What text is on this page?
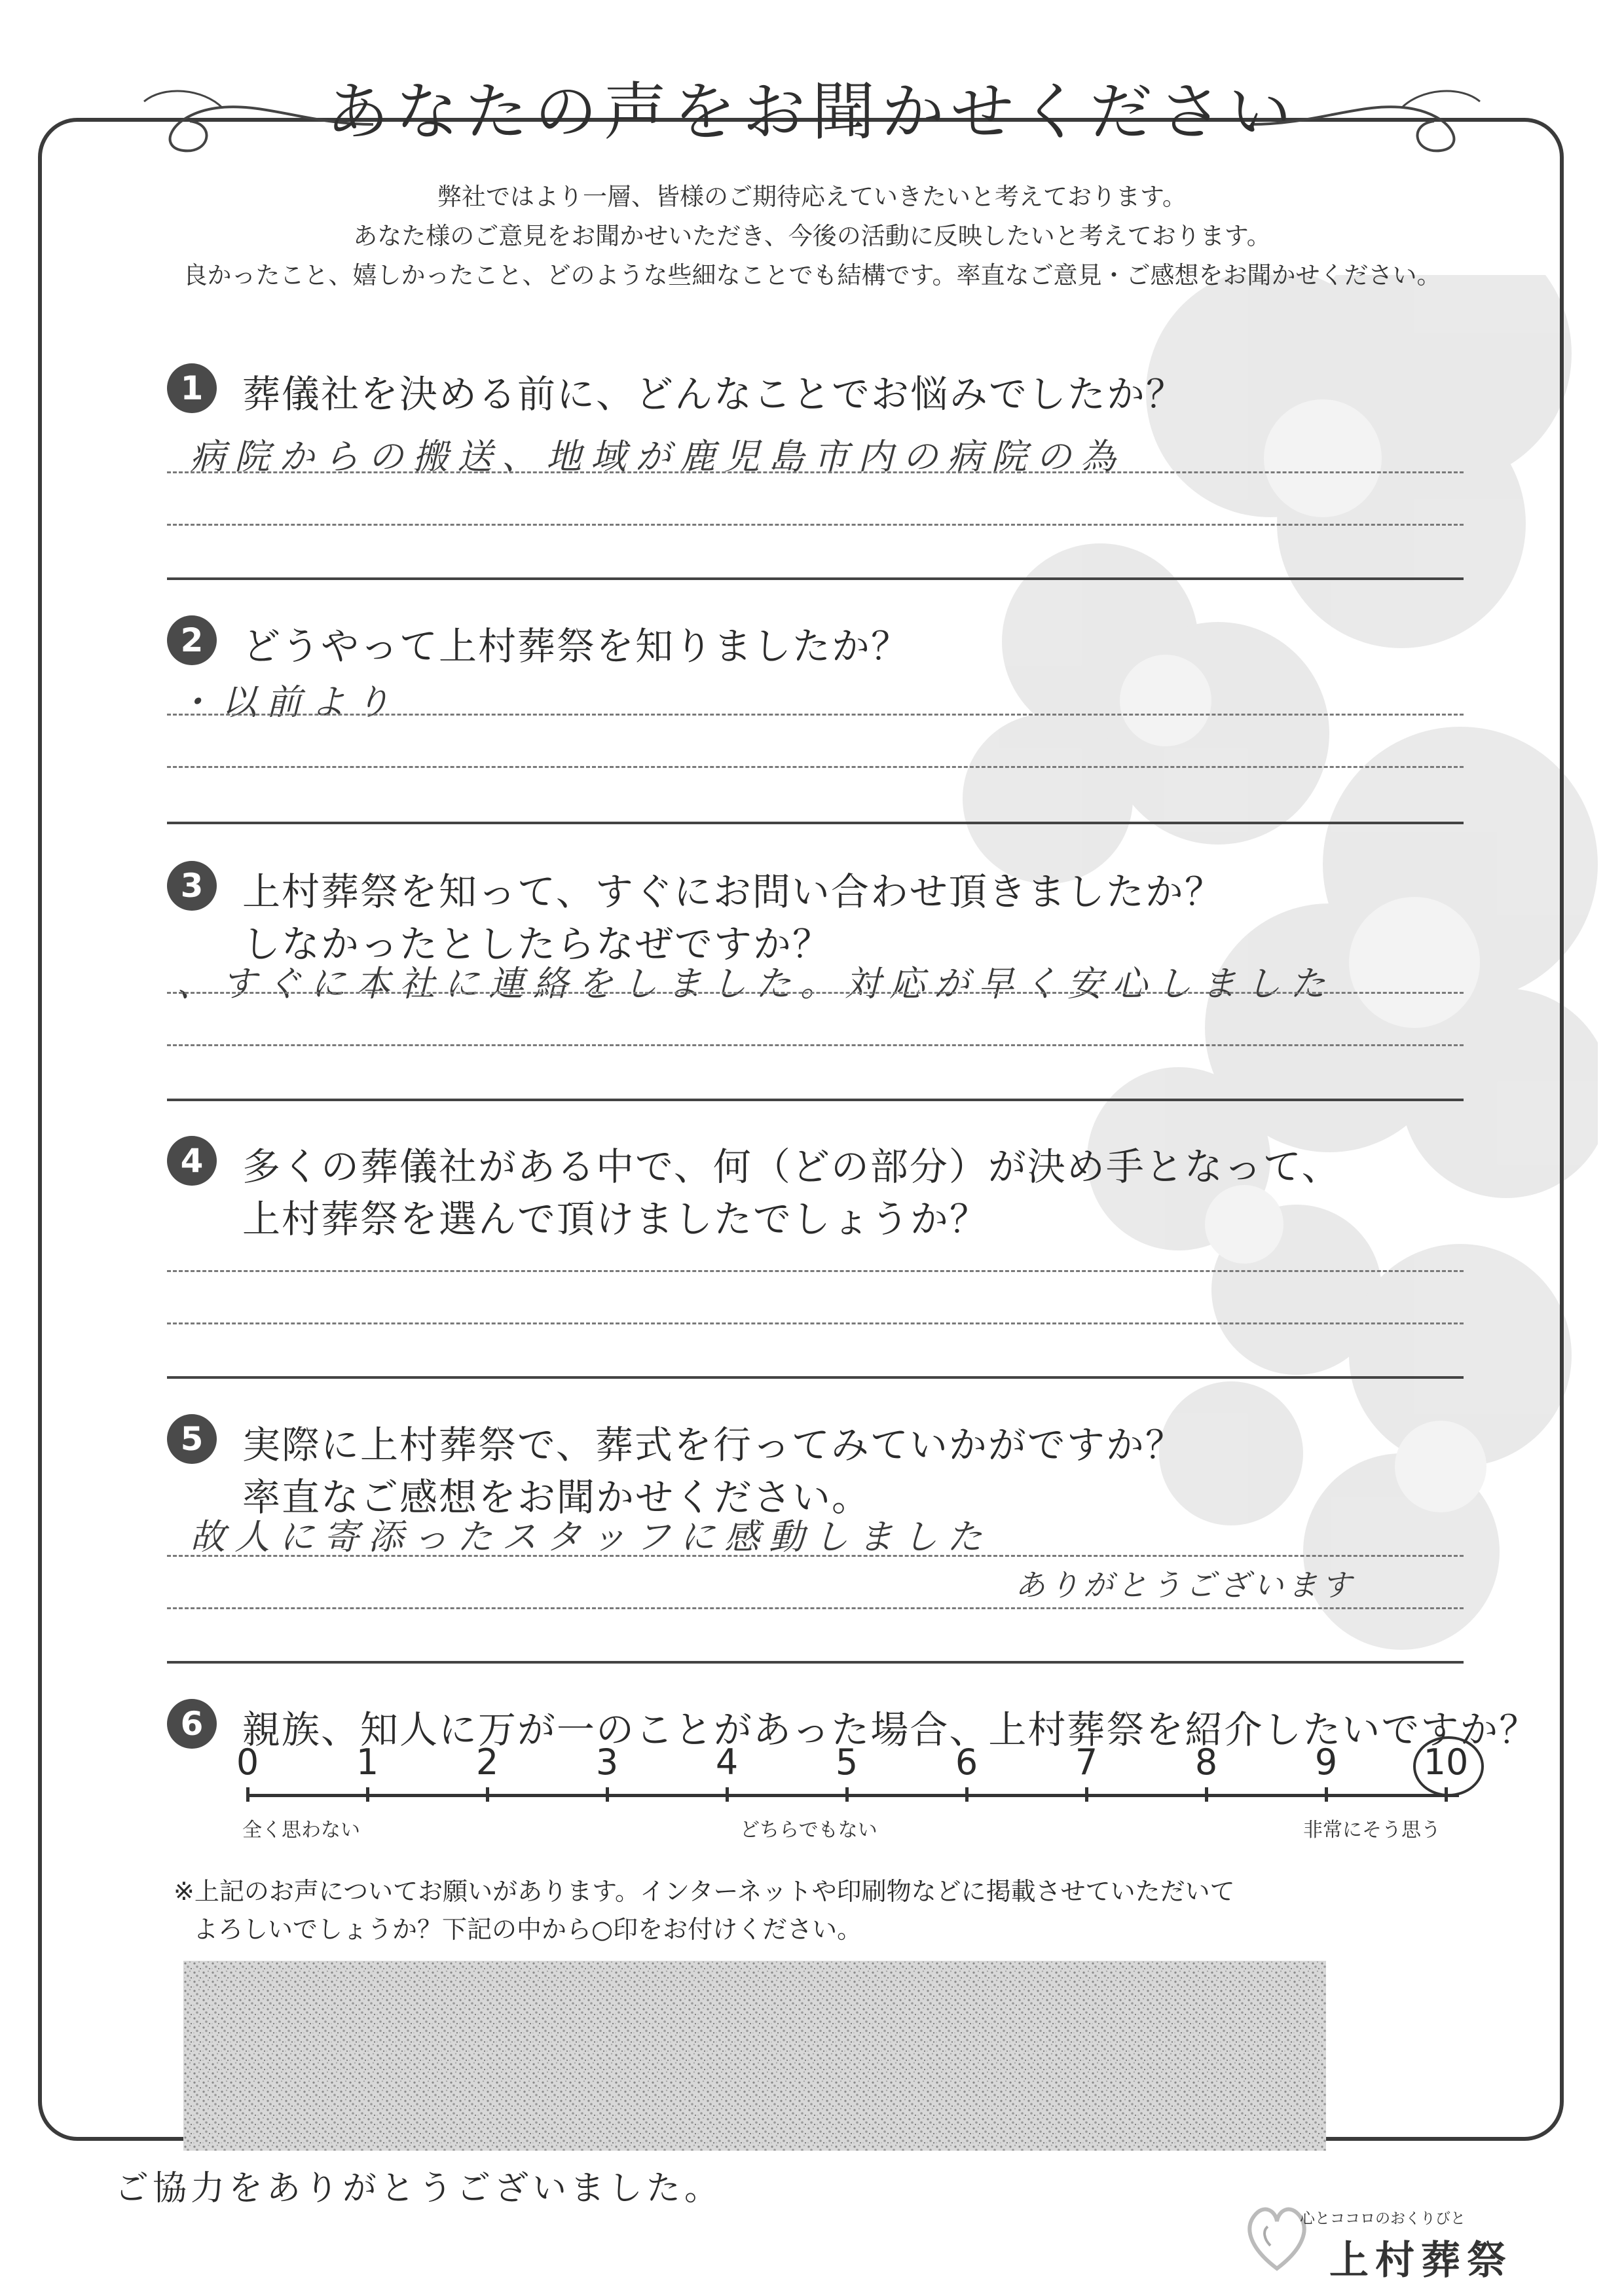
あなたの声をお聞かせください
弊社ではより一層、皆様のご期待応えていきたいと考えております。
あなた様のご意見をお聞かせいただき、今後の活動に反映したいと考えております。
良かったこと、嬉しかったこと、どのような些細なことでも結構です。率直なご意見・ご感想をお聞かせください。
1	葬儀社を決める前に、どんなことでお悩みでしたか？
病院からの搬送、地域が鹿児島市内の病院の為
2	どうやって上村葬祭を知りましたか？
・以前より
3	上村葬祭を知って、すぐにお問い合わせ頂きましたか？
しなかったとしたらなぜですか？
、すぐに本社に連絡をしました。対応が早く安心しました
4	多くの葬儀社がある中で、何（どの部分）が決め手となって、
上村葬祭を選んで頂けましたでしょうか？
5	実際に上村葬祭で、葬式を行ってみていかがですか？
率直なご感想をお聞かせください。
故人に寄添ったスタッフに感動しました
ありがとうございます
6	親族、知人に万が一のことがあった場合、上村葬祭を紹介したいですか？
0	1	2	3	4	5	6	7	8	9	10
全く思わない	どちらでもない	非常にそう思う
※上記のお声についてお願いがあります。インターネットや印刷物などに掲載させていただいて
よろしいでしょうか？下記の中から○印をお付けください。
ご協力をありがとうございました。
心とココロのおくりびと
上村葬祭
